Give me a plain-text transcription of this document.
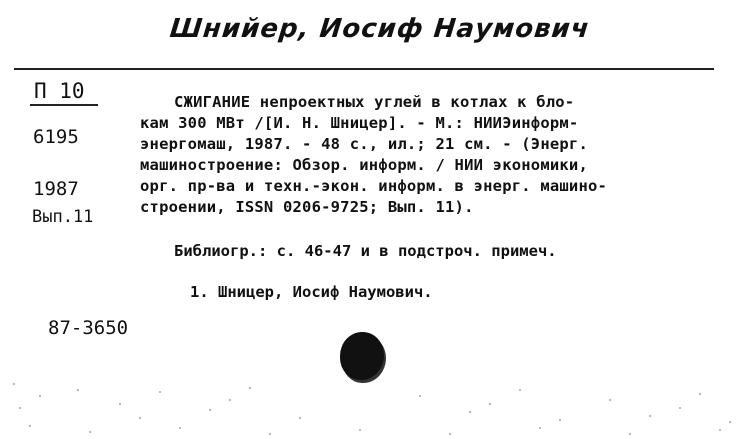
Шнийер, Иосиф Наумович
П 10
6195
1987
Вып.11
СЖИГАНИЕ непроектных углей в котлах к бло-
кам 300 МВт /[И. Н. Шницер]. - М.: НИИЭинформ-
энергомаш, 1987. - 48 с., ил.; 21 см. - (Энерг.
машиностроение: Обзор. информ. / НИИ экономики,
орг. пр-ва и техн.-экон. информ. в энерг. машино-
строении, ISSN 0206-9725; Вып. 11).
Библиогр.: с. 46-47 и в подстроч. примеч.
1. Шницер, Иосиф Наумович.
87-3650
